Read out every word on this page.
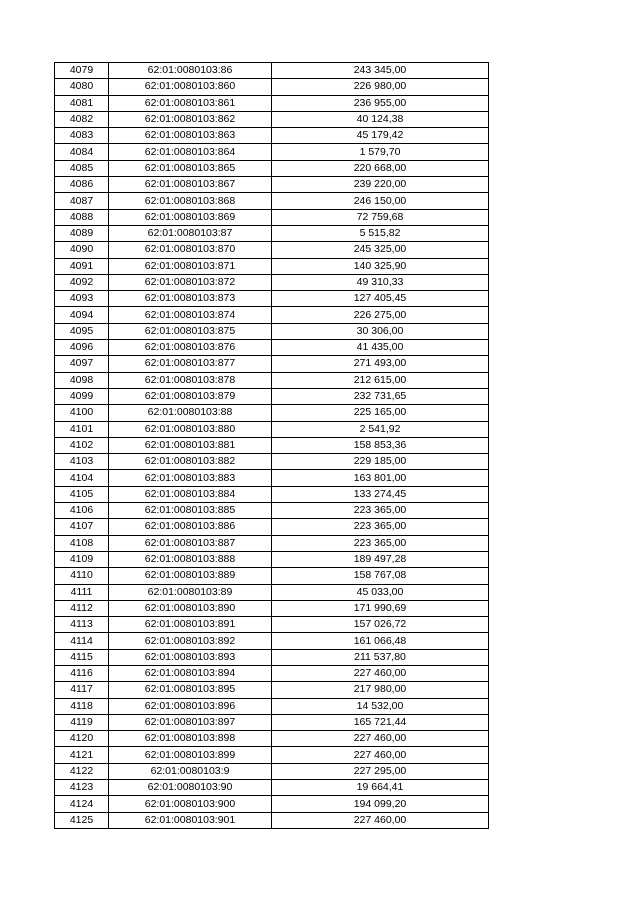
4079	62:01:0080103:86	243 345,00
4080	62:01:0080103:860	226 980,00
4081	62:01:0080103:861	236 955,00
4082	62:01:0080103:862	40 124,38
4083	62:01:0080103:863	45 179,42
4084	62:01:0080103:864	1 579,70
4085	62:01:0080103:865	220 668,00
4086	62:01:0080103:867	239 220,00
4087	62:01:0080103:868	246 150,00
4088	62:01:0080103:869	72 759,68
4089	62:01:0080103:87	5 515,82
4090	62:01:0080103:870	245 325,00
4091	62:01:0080103:871	140 325,90
4092	62:01:0080103:872	49 310,33
4093	62:01:0080103:873	127 405,45
4094	62:01:0080103:874	226 275,00
4095	62:01:0080103:875	30 306,00
4096	62:01:0080103:876	41 435,00
4097	62:01:0080103:877	271 493,00
4098	62:01:0080103:878	212 615,00
4099	62:01:0080103:879	232 731,65
4100	62:01:0080103:88	225 165,00
4101	62:01:0080103:880	2 541,92
4102	62:01:0080103:881	158 853,36
4103	62:01:0080103:882	229 185,00
4104	62:01:0080103:883	163 801,00
4105	62:01:0080103:884	133 274,45
4106	62:01:0080103:885	223 365,00
4107	62:01:0080103:886	223 365,00
4108	62:01:0080103:887	223 365,00
4109	62:01:0080103:888	189 497,28
4110	62:01:0080103:889	158 767,08
4111	62:01:0080103:89	45 033,00
4112	62:01:0080103:890	171 990,69
4113	62:01:0080103:891	157 026,72
4114	62:01:0080103:892	161 066,48
4115	62:01:0080103:893	211 537,80
4116	62:01:0080103:894	227 460,00
4117	62:01:0080103:895	217 980,00
4118	62:01:0080103:896	14 532,00
4119	62:01:0080103:897	165 721,44
4120	62:01:0080103:898	227 460,00
4121	62:01:0080103:899	227 460,00
4122	62:01:0080103:9	227 295,00
4123	62:01:0080103:90	19 664,41
4124	62:01:0080103:900	194 099,20
4125	62:01:0080103:901	227 460,00
